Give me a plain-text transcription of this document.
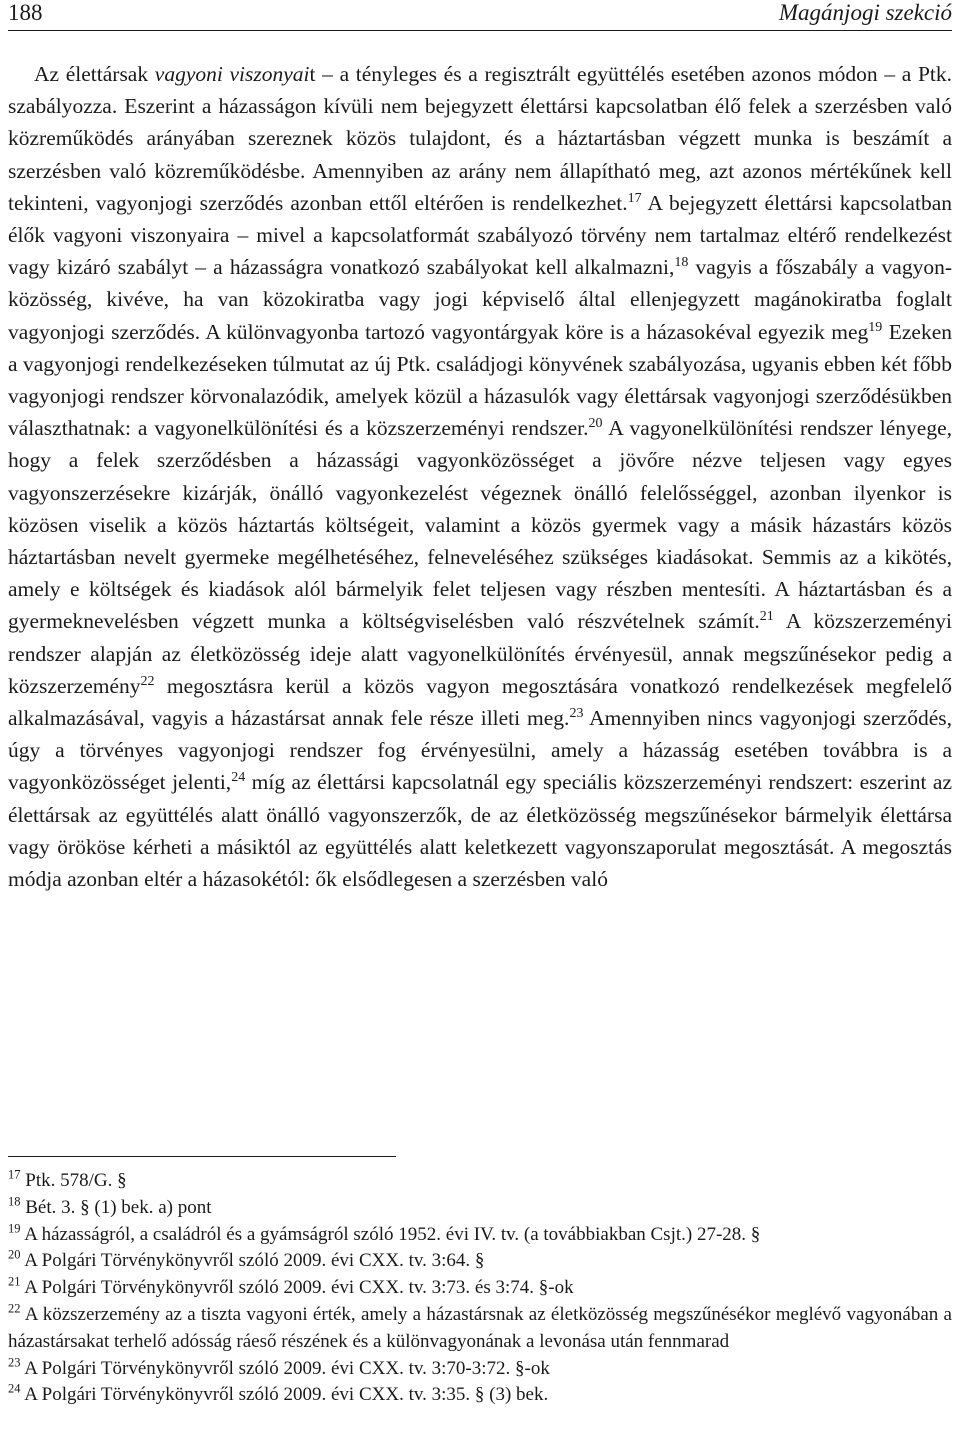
188	Magánjogi szekció

Az élettársak vagyoni viszonyait – a tényleges és a regisztrált együttélés esetében azonos módon – a Ptk. szabályozza. Eszerint a házasságon kívüli nem bejegyzett élettársi kapcsolatban élő felek a szerzésben való közreműködés arányában szereznek közös tulajdont, és a háztartásban végzett munka is beszámít a szerzésben való közreműködésbe. Amennyiben az arány nem állapítható meg, azt azonos mértékűnek kell tekinteni, vagyonjogi szerződés azonban ettől eltérően is rendelkezhet.$^{17}$ A bejegyzett élettársi kapcsolatban élők vagyoni viszonyaira – mivel a kapcsolatformát szabályozó törvény nem tartalmaz eltérő rendelkezést vagy kizáró szabályt – a házasságra vonatkozó szabályokat kell alkalmazni,$^{18}$ vagyis a főszabály a vagyonközösség, kivéve, ha van közokiratba vagy jogi képviselő által ellenjegyzett magánokiratba foglalt vagyonjogi szerződés. A különvagyonba tartozó vagyontárgyak köre is a házasokéval egyezik meg$^{19}$ Ezeken a vagyonjogi rendelkezéseken túlmutat az új Ptk. családjogi könyvének szabályozása, ugyanis ebben két főbb vagyonjogi rendszer körvonalazódik, amelyek közül a házasulók vagy élettársak vagyonjogi szerződésükben választhatnak: a vagyonelkülönítési és a közszerzeményi rendszer.$^{20}$ A vagyonelkülönítési rendszer lényege, hogy a felek szerződésben a házassági vagyonközösséget a jövőre nézve teljesen vagy egyes vagyonszerzésekre kizárják, önálló vagyonkezelést végeznek önálló felelősséggel, azonban ilyenkor is közösen viselik a közös háztartás költségeit, valamint a közös gyermek vagy a másik házastárs közös háztartásban nevelt gyermeke megélhetéséhez, felneveléséhez szükséges kiadásokat. Semmis az a kikötés, amely e költségek és kiadások alól bármelyik felet teljesen vagy részben mentesíti. A háztartásban és a gyermeknevelésben végzett munka a költségviselésben való részvételnek számít.$^{21}$ A közszerzeményi rendszer alapján az életközösség ideje alatt vagyonelkülönítés érvényesül, annak megszűnésekor pedig a közszerzemény$^{22}$ megosztásra kerül a közös vagyon megosztására vonatkozó rendelkezések megfelelő alkalmazásával, vagyis a házastársat annak fele része illeti meg.$^{23}$ Amennyiben nincs vagyonjogi szerződés, úgy a törvényes vagyonjogi rendszer fog érvényesülni, amely a házasság esetében továbbra is a vagyonközösséget jelenti,$^{24}$ míg az élettársi kapcsolatnál egy speciális közszerzeményi rendszert: eszerint az élettársak az együttélés alatt önálló vagyonszerzők, de az életközösség megszűnésekor bármelyik élettársa vagy örököse kérheti a másiktól az együttélés alatt keletkezett vagyonszaporulat megosztását. A megosztás módja azonban eltér a házasokétól: ők elsődlegesen a szerzésben való

$^{17}$ Ptk. 578/G. §
$^{18}$ Bét. 3. § (1) bek. a) pont
$^{19}$ A házasságról, a családról és a gyámságról szóló 1952. évi IV. tv. (a továbbiakban Csjt.) 27-28. §
$^{20}$ A Polgári Törvénykönyvről szóló 2009. évi CXX. tv. 3:64. §
$^{21}$ A Polgári Törvénykönyvről szóló 2009. évi CXX. tv. 3:73. és 3:74. §-ok
$^{22}$ A közszerzemény az a tiszta vagyoni érték, amely a házastársnak az életközösség megszűnésékor meglévő vagyonában a házastársakat terhelő adósság ráeső részének és a különvagyonának a levonása után fennmarad
$^{23}$ A Polgári Törvénykönyvről szóló 2009. évi CXX. tv. 3:70-3:72. §-ok
$^{24}$ A Polgári Törvénykönyvről szóló 2009. évi CXX. tv. 3:35. § (3) bek.
